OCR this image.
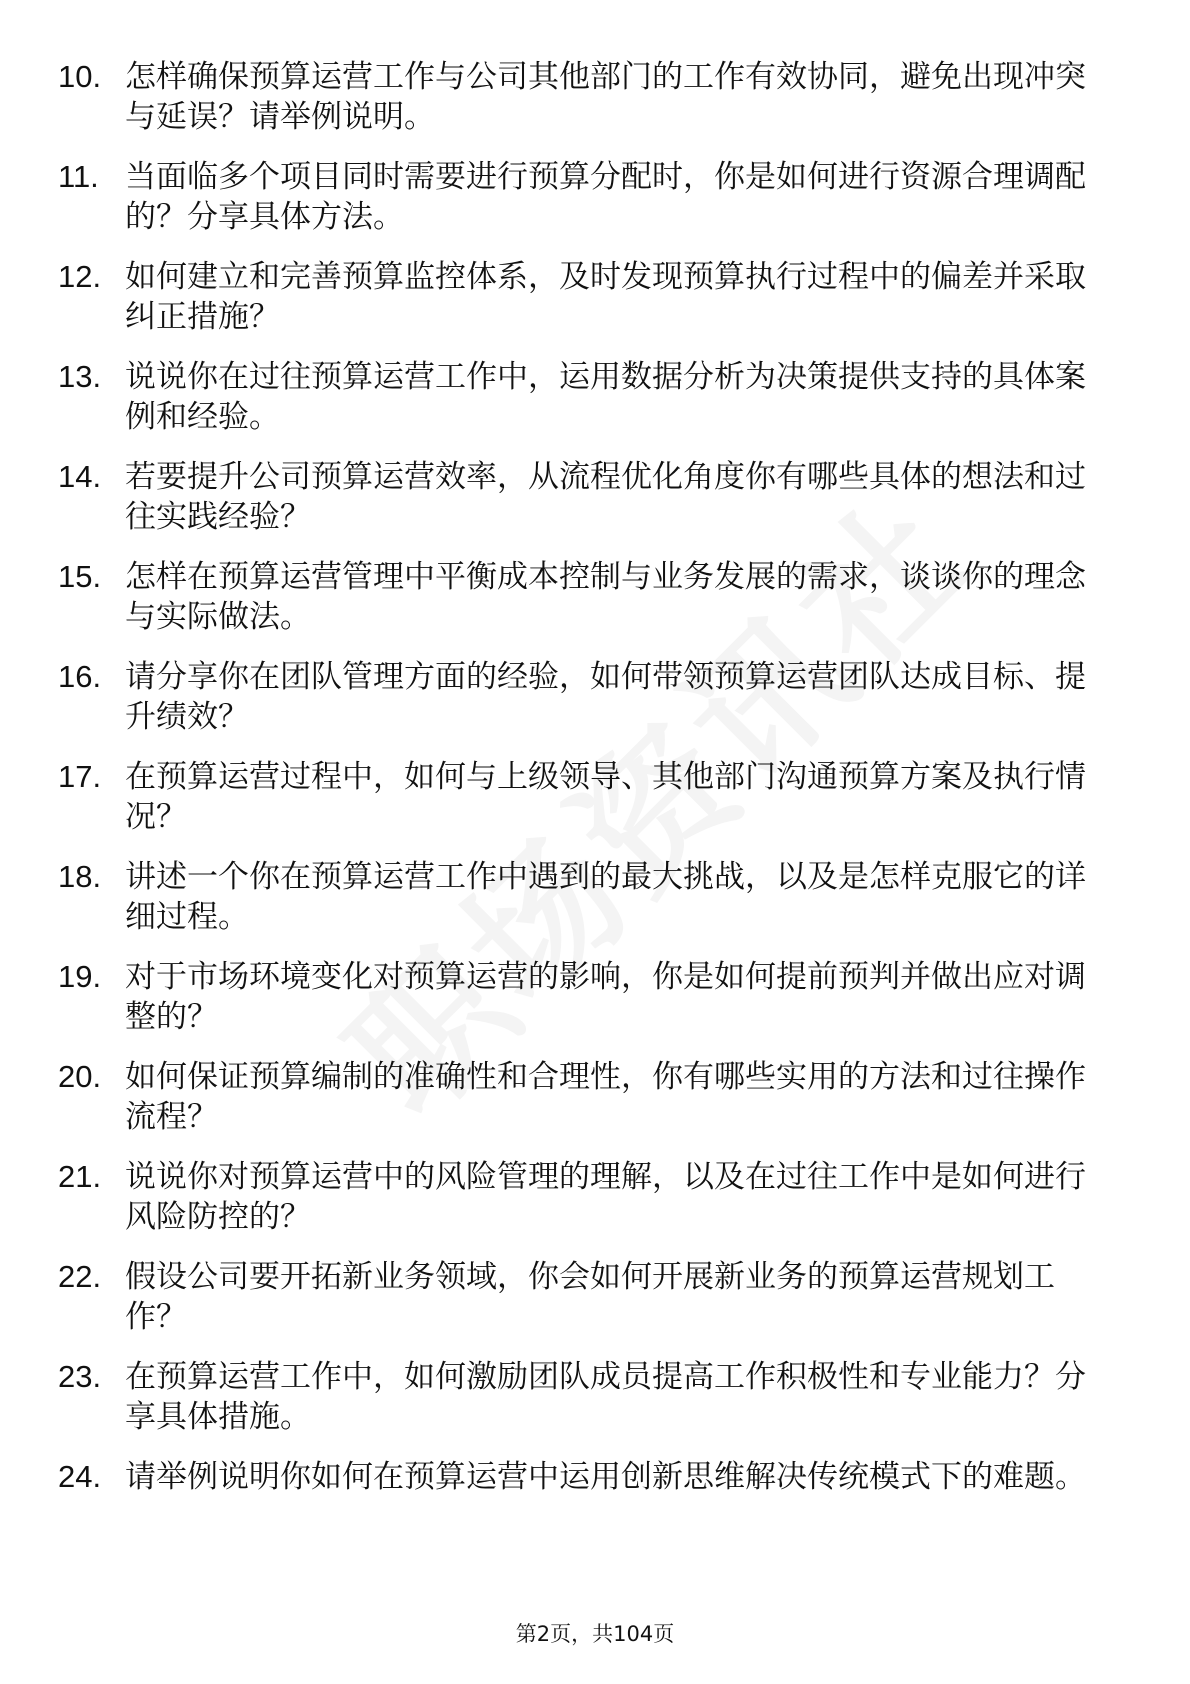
10. 怎样确保预算运营工作与公司其他部门的工作有效协同，避免出现冲突与延误？请举例说明。
11. 当面临多个项目同时需要进行预算分配时，你是如何进行资源合理调配的？分享具体方法。
12. 如何建立和完善预算监控体系，及时发现预算执行过程中的偏差并采取纠正措施？
13. 说说你在过往预算运营工作中，运用数据分析为决策提供支持的具体案例和经验。
14. 若要提升公司预算运营效率，从流程优化角度你有哪些具体的想法和过往实践经验？
15. 怎样在预算运营管理中平衡成本控制与业务发展的需求，谈谈你的理念与实际做法。
16. 请分享你在团队管理方面的经验，如何带领预算运营团队达成目标、提升绩效？
17. 在预算运营过程中，如何与上级领导、其他部门沟通预算方案及执行情况？
18. 讲述一个你在预算运营工作中遇到的最大挑战，以及是怎样克服它的详细过程。
19. 对于市场环境变化对预算运营的影响，你是如何提前预判并做出应对调整的？
20. 如何保证预算编制的准确性和合理性，你有哪些实用的方法和过往操作流程？
21. 说说你对预算运营中的风险管理的理解，以及在过往工作中是如何进行风险防控的？
22. 假设公司要开拓新业务领域，你会如何开展新业务的预算运营规划工作？
23. 在预算运营工作中，如何激励团队成员提高工作积极性和专业能力？分享具体措施。
24. 请举例说明你如何在预算运营中运用创新思维解决传统模式下的难题。
第2页，共104页
